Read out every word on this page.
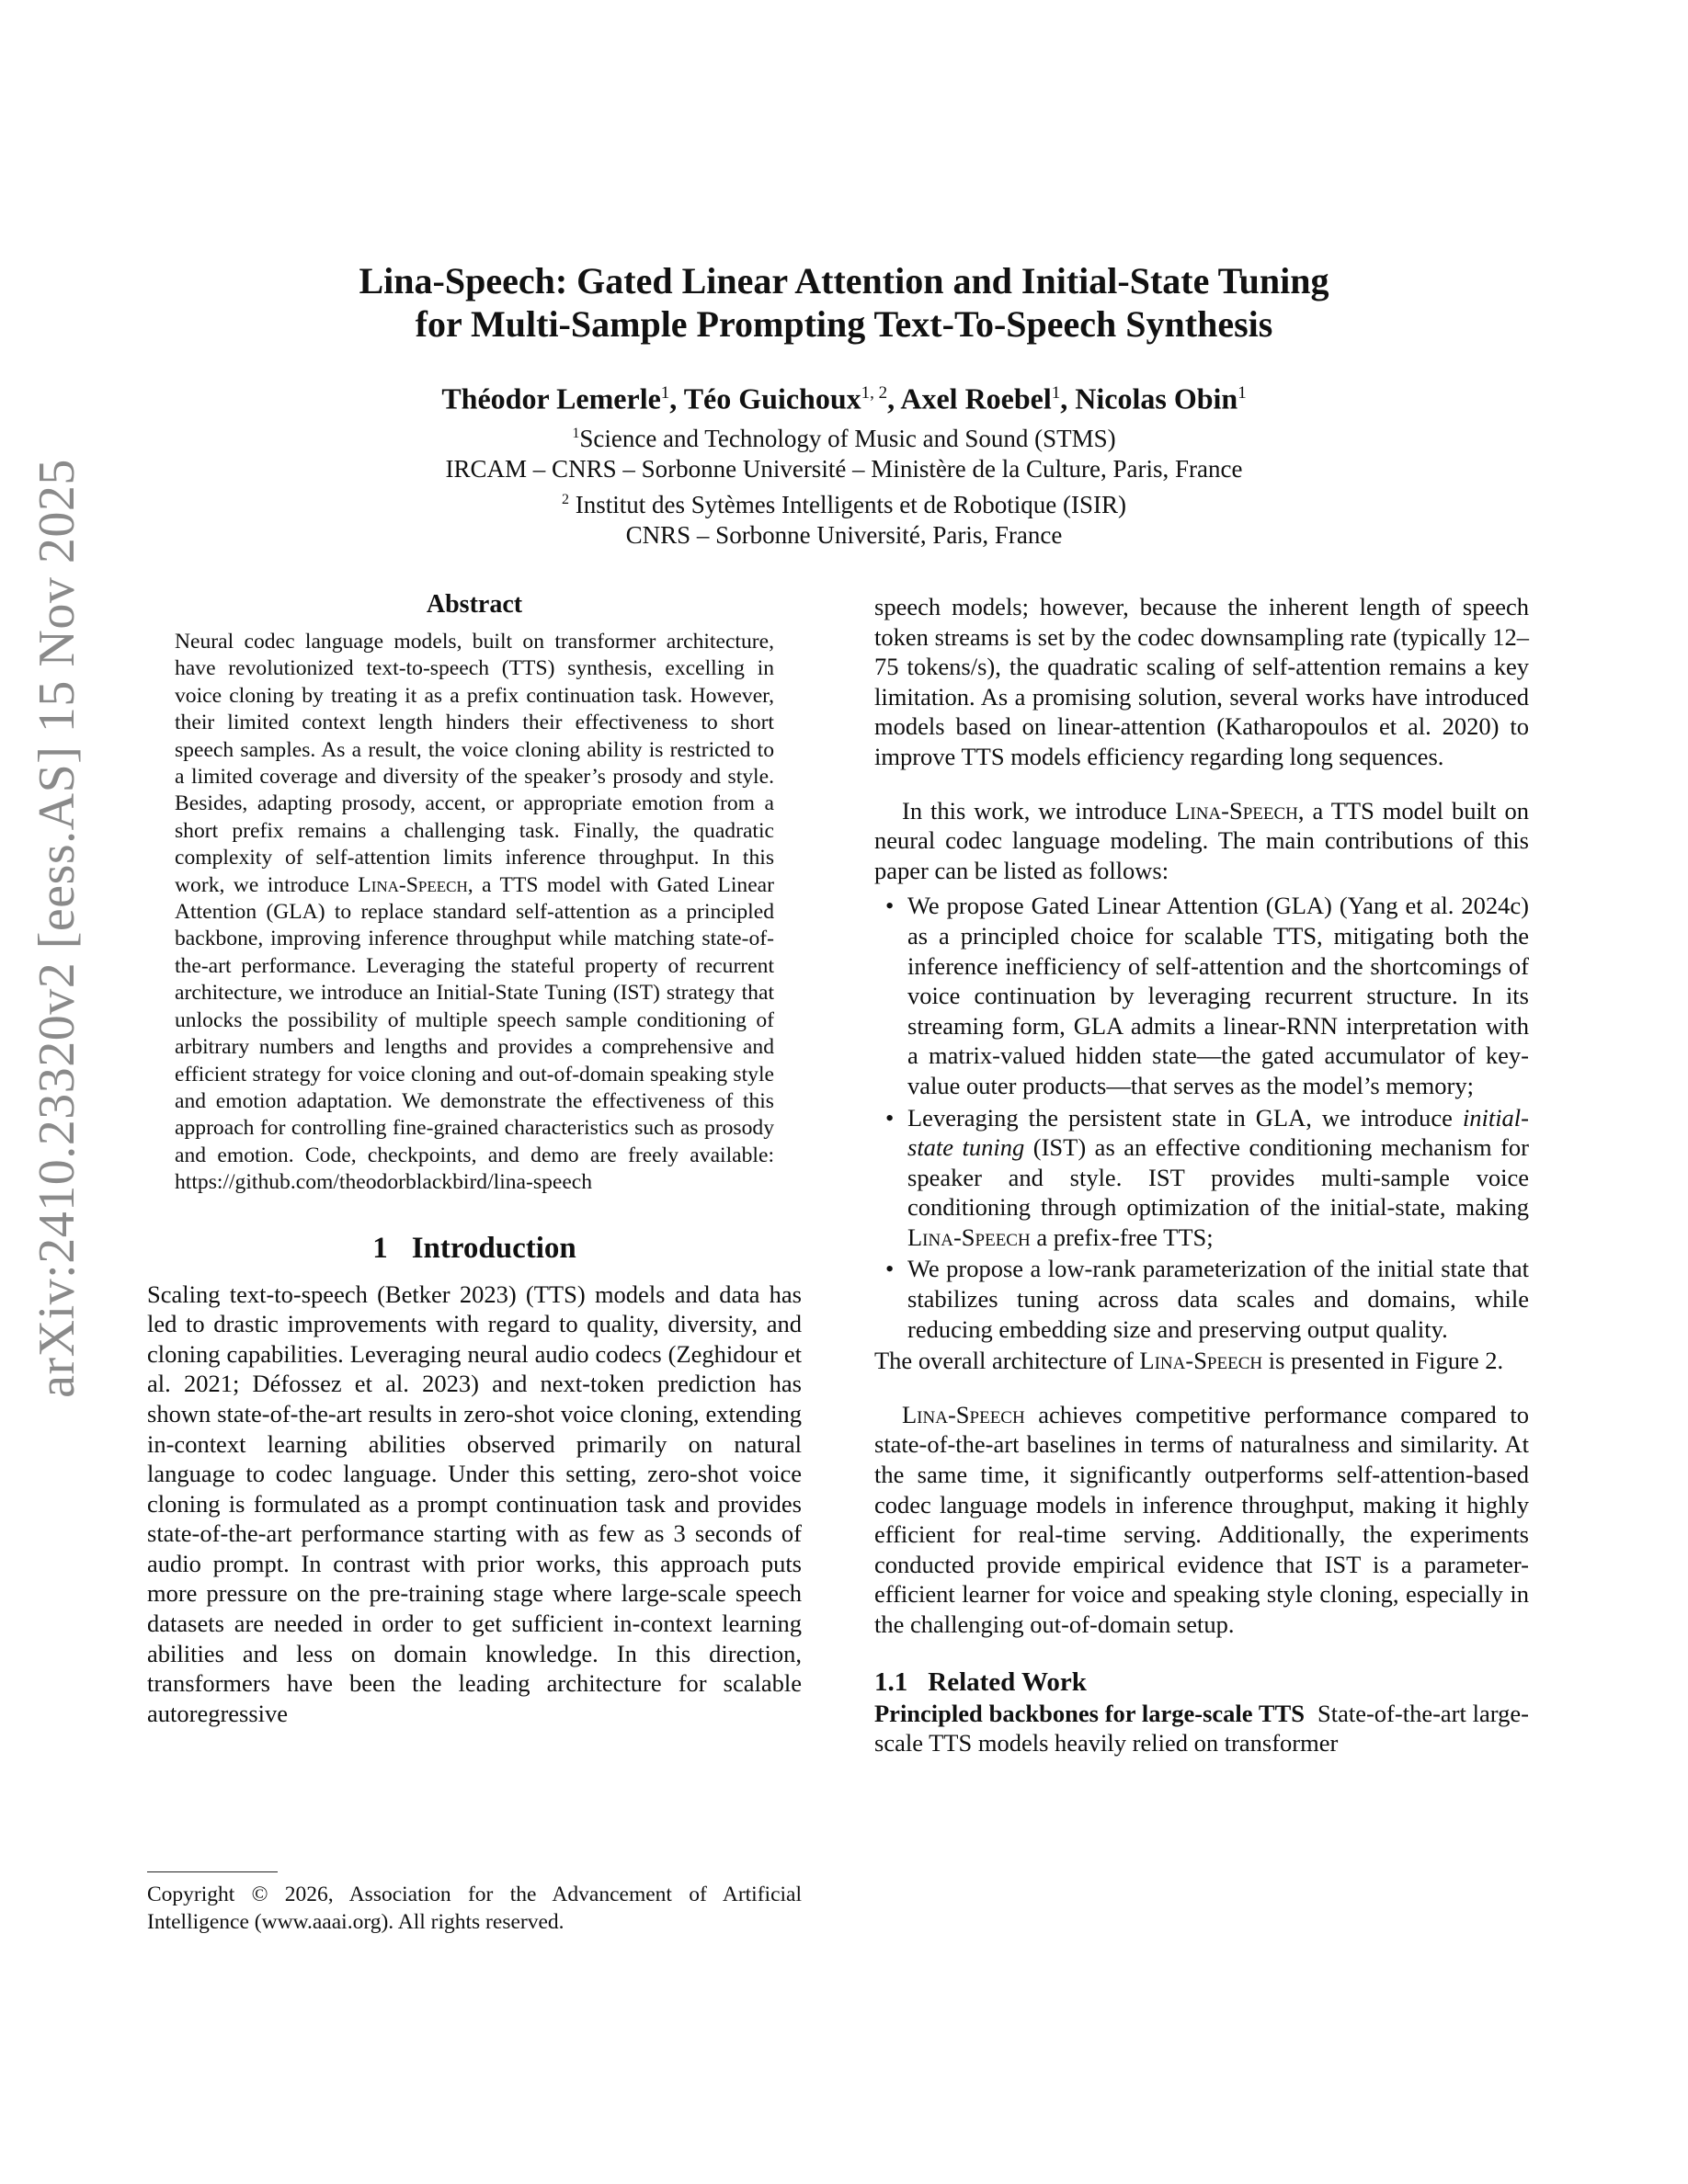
arXiv:2410.23320v2 [eess.AS] 15 Nov 2025
Lina-Speech: Gated Linear Attention and Initial-State Tuning
for Multi-Sample Prompting Text-To-Speech Synthesis
Théodor Lemerle$^1$, Téo Guichoux$^{1, 2}$, Axel Roebel$^1$, Nicolas Obin$^1$
$^1$Science and Technology of Music and Sound (STMS)
IRCAM – CNRS – Sorbonne Université – Ministère de la Culture, Paris, France
$^2$ Institut des Sytèmes Intelligents et de Robotique (ISIR)
CNRS – Sorbonne Université, Paris, France
Abstract
Neural codec language models, built on transformer architecture, have revolutionized text-to-speech (TTS) synthesis, excelling in voice cloning by treating it as a prefix continuation task. However, their limited context length hinders their effectiveness to short speech samples. As a result, the voice cloning ability is restricted to a limited coverage and diversity of the speaker’s prosody and style. Besides, adapting prosody, accent, or appropriate emotion from a short prefix remains a challenging task. Finally, the quadratic complexity of self-attention limits inference throughput. In this work, we introduce Lina-Speech, a TTS model with Gated Linear Attention (GLA) to replace standard self-attention as a principled backbone, improving inference throughput while matching state-of-the-art performance. Leveraging the stateful property of recurrent architecture, we introduce an Initial-State Tuning (IST) strategy that unlocks the possibility of multiple speech sample conditioning of arbitrary numbers and lengths and provides a comprehensive and efficient strategy for voice cloning and out-of-domain speaking style and emotion adaptation. We demonstrate the effectiveness of this approach for controlling fine-grained characteristics such as prosody and emotion. Code, checkpoints, and demo are freely available: https://github.com/theodorblackbird/lina-speech
1 Introduction

Scaling text-to-speech (Betker 2023) (TTS) models and data has led to drastic improvements with regard to quality, diversity, and cloning capabilities. Leveraging neural audio codecs (Zeghidour et al. 2021; Défossez et al. 2023) and next-token prediction has shown state-of-the-art results in zero-shot voice cloning, extending in-context learning abilities observed primarily on natural language to codec language. Under this setting, zero-shot voice cloning is formulated as a prompt continuation task and provides state-of-the-art performance starting with as few as 3 seconds of audio prompt. In contrast with prior works, this approach puts more pressure on the pre-training stage where large-scale speech datasets are needed in order to get sufficient in-context learning abilities and less on domain knowledge. In this direction, transformers have been the leading architecture for scalable autoregressive

Copyright © 2026, Association for the Advancement of Artificial Intelligence (www.aaai.org). All rights reserved.

speech models; however, because the inherent length of speech token streams is set by the codec downsampling rate (typically 12–75 tokens/s), the quadratic scaling of self-attention remains a key limitation. As a promising solution, several works have introduced models based on linear-attention (Katharopoulos et al. 2020) to improve TTS models efficiency regarding long sequences.

In this work, we introduce Lina-Speech, a TTS model built on neural codec language modeling. The main contributions of this paper can be listed as follows:

• We propose Gated Linear Attention (GLA) (Yang et al. 2024c) as a principled choice for scalable TTS, mitigating both the inference inefficiency of self-attention and the shortcomings of voice continuation by leveraging recurrent structure. In its streaming form, GLA admits a linear-RNN interpretation with a matrix-valued hidden state—the gated accumulator of key-value outer products—that serves as the model’s memory;
• Leveraging the persistent state in GLA, we introduce initial-state tuning (IST) as an effective conditioning mechanism for speaker and style. IST provides multi-sample voice conditioning through optimization of the initial-state, making Lina-Speech a prefix-free TTS;
• We propose a low-rank parameterization of the initial state that stabilizes tuning across data scales and domains, while reducing embedding size and preserving output quality.

The overall architecture of Lina-Speech is presented in Figure 2.

Lina-Speech achieves competitive performance compared to state-of-the-art baselines in terms of naturalness and similarity. At the same time, it significantly outperforms self-attention-based codec language models in inference throughput, making it highly efficient for real-time serving. Additionally, the experiments conducted provide empirical evidence that IST is a parameter-efficient learner for voice and speaking style cloning, especially in the challenging out-of-domain setup.

1.1 Related Work

Principled backbones for large-scale TTS State-of-the-art large-scale TTS models heavily relied on transformer
